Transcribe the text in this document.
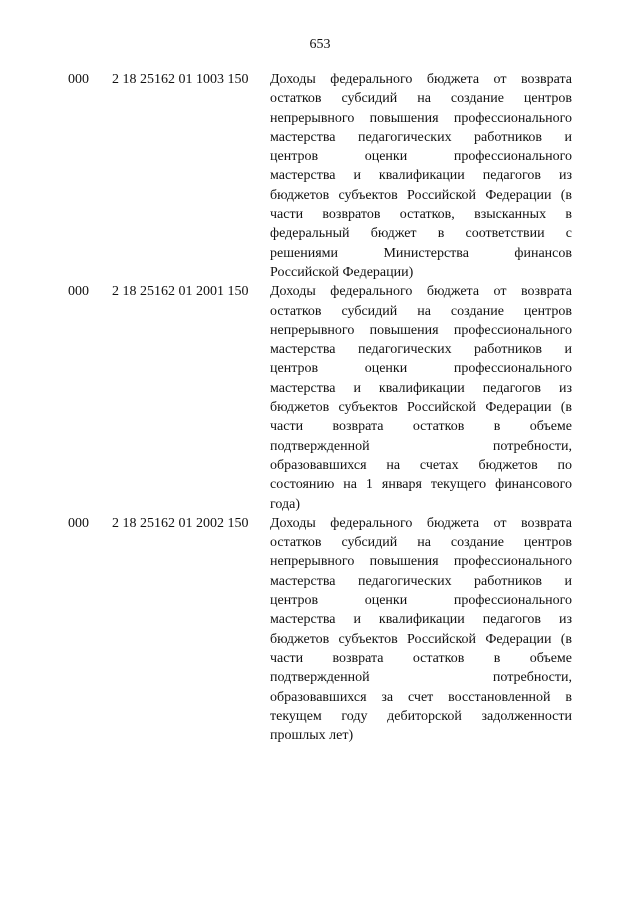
653
000 2 18 25162 01 1003 150 Доходы федерального бюджета от возврата
остатков субсидий на создание центров
непрерывного повышения профессионального
мастерства педагогических работников и
центров оценки профессионального
мастерства и квалификации педагогов из
бюджетов субъектов Российской Федерации (в
части возвратов остатков, взысканных в
федеральный бюджет в соответствии с
решениями Министерства финансов
Российской Федерации)
000 2 18 25162 01 2001 150 Доходы федерального бюджета от возврата
остатков субсидий на создание центров
непрерывного повышения профессионального
мастерства педагогических работников и
центров оценки профессионального
мастерства и квалификации педагогов из
бюджетов субъектов Российской Федерации (в
части возврата остатков в объеме
подтвержденной потребности,
образовавшихся на счетах бюджетов по
состоянию на 1 января текущего финансового
года)
000 2 18 25162 01 2002 150 Доходы федерального бюджета от возврата
остатков субсидий на создание центров
непрерывного повышения профессионального
мастерства педагогических работников и
центров оценки профессионального
мастерства и квалификации педагогов из
бюджетов субъектов Российской Федерации (в
части возврата остатков в объеме
подтвержденной потребности,
образовавшихся за счет восстановленной в
текущем году дебиторской задолженности
прошлых лет)
